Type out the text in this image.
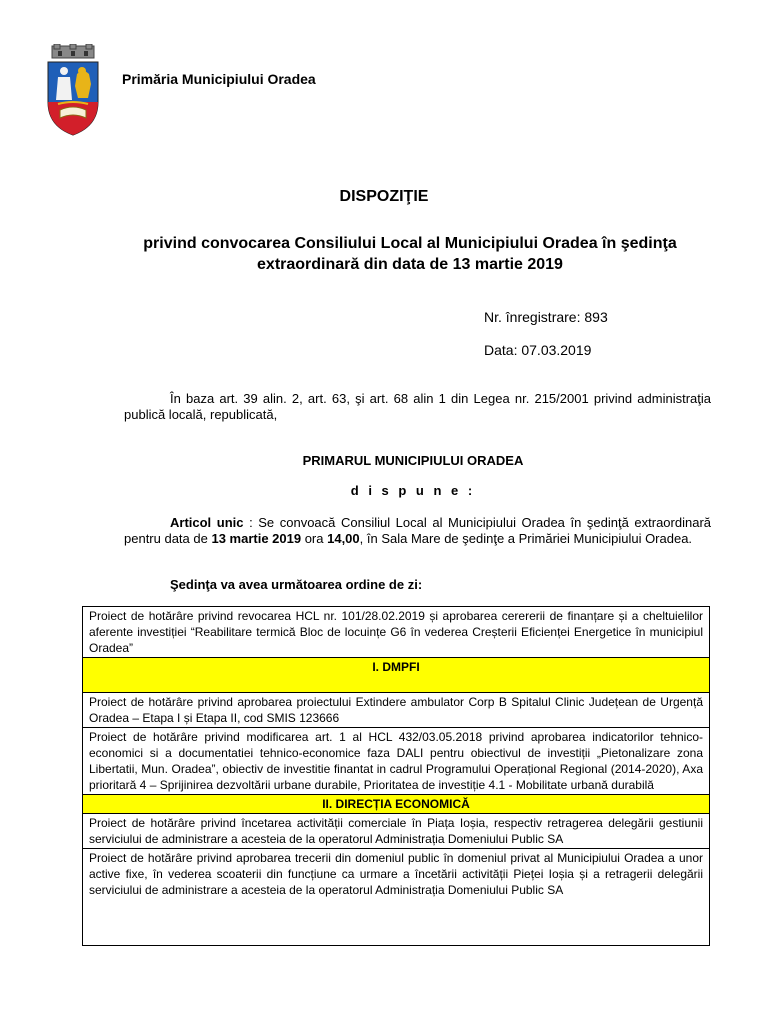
Primăria Municipiului Oradea
DISPOZIŢIE
privind convocarea Consiliului Local al Municipiului Oradea în şedinţa extraordinară din data de 13 martie 2019
Nr. înregistrare: 893
Data: 07.03.2019
În baza art. 39 alin. 2, art. 63, şi art. 68 alin 1 din Legea nr. 215/2001 privind administraţia publică locală, republicată,
PRIMARUL MUNICIPIULUI ORADEA
d i s p u n e :
Articol unic : Se convoacă Consiliul Local al Municipiului Oradea în şedinţă extraordinară pentru data de 13 martie 2019 ora 14,00, în Sala Mare de şedinţe a Primăriei Municipiului Oradea.
Şedinţa va avea următoarea ordine de zi:
Proiect de hotărâre privind revocarea HCL nr. 101/28.02.2019 și aprobarea cerererii de finanțare și a cheltuielilor aferente investiției “Reabilitare termică Bloc de locuințe G6 în vederea Creșterii Eficienței Energetice în municipiul Oradea”
I. DMPFI
Proiect de hotărâre privind aprobarea proiectului Extindere ambulator Corp B Spitalul Clinic Județean de Urgență Oradea – Etapa I și Etapa II, cod SMIS 123666
Proiect de hotărâre privind modificarea art. 1 al HCL 432/03.05.2018 privind aprobarea indicatorilor tehnico-economici si a documentatiei tehnico-economice faza DALI pentru obiectivul de investiții „Pietonalizare zona Libertatii, Mun. Oradea”, obiectiv de investitie finantat in cadrul Programului Operațional Regional (2014-2020), Axa prioritară 4 – Sprijinirea dezvoltării urbane durabile, Prioritatea de investiție 4.1 - Mobilitate urbană durabilă
II. DIRECȚIA ECONOMICĂ
Proiect de hotărâre privind încetarea activității comerciale în Piața Ioșia, respectiv retragerea delegării gestiunii serviciului de administrare a acesteia de la operatorul Administrația Domeniului Public SA
Proiect de hotărâre privind aprobarea trecerii din domeniul public în domeniul privat al Municipiului Oradea a unor active fixe, în vederea scoaterii din funcțiune ca urmare a încetării activității Pieței Ioșia și a retragerii delegării serviciului de administrare a acesteia de la operatorul Administrația Domeniului Public SA
